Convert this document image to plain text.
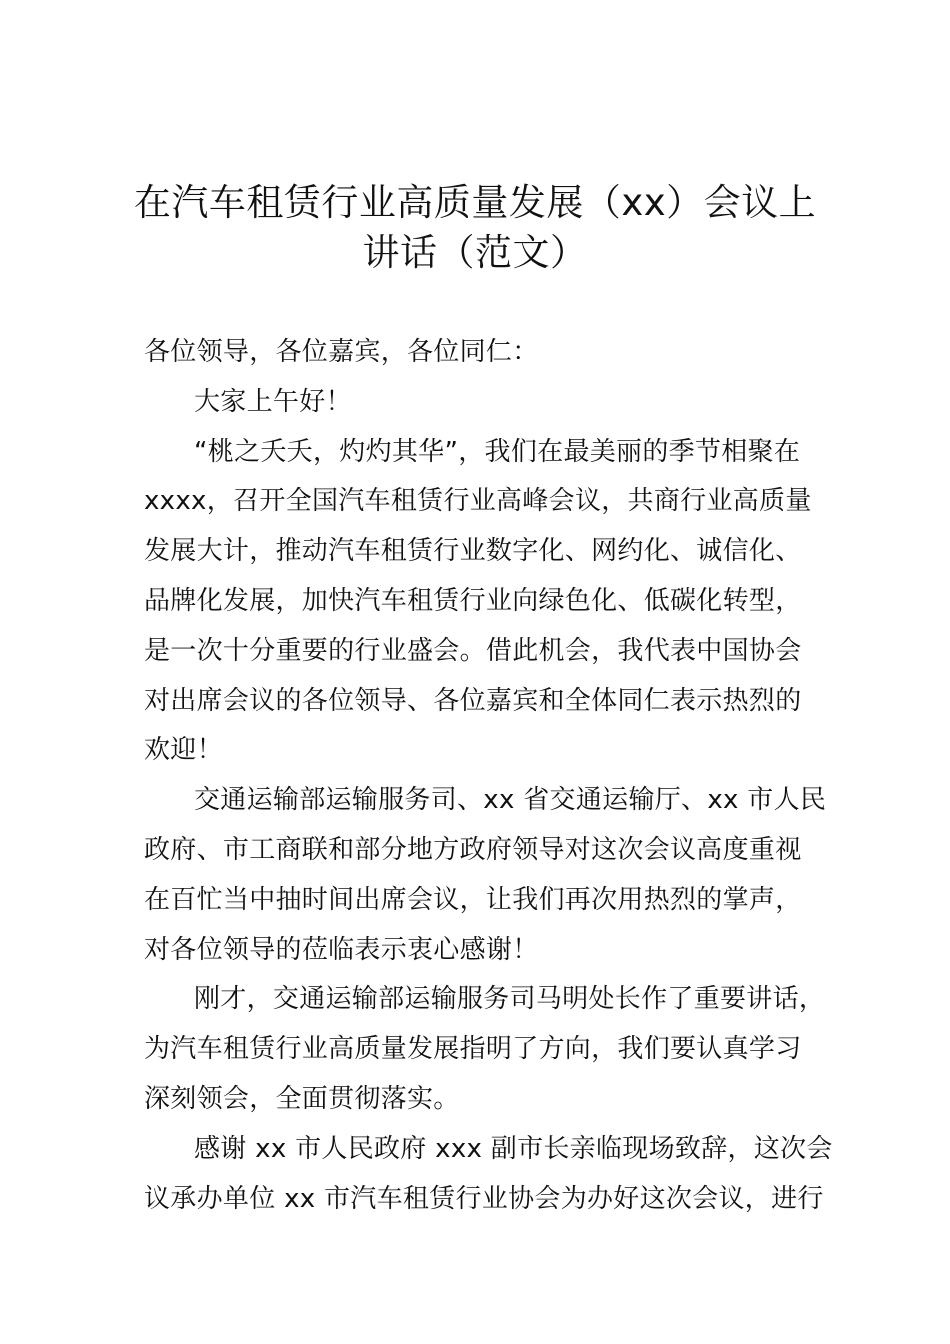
在汽车租赁行业高质量发展（xx）会议上
讲话（范文）
各位领导，各位嘉宾，各位同仁：
大家上午好！
“桃之夭夭，灼灼其华”，我们在最美丽的季节相聚在
xxxx，召开全国汽车租赁行业高峰会议，共商行业高质量
发展大计，推动汽车租赁行业数字化、网约化、诚信化、
品牌化发展，加快汽车租赁行业向绿色化、低碳化转型，
是一次十分重要的行业盛会。借此机会，我代表中国协会
对出席会议的各位领导、各位嘉宾和全体同仁表示热烈的
欢迎！
交通运输部运输服务司、xx 省交通运输厅、xx 市人民
政府、市工商联和部分地方政府领导对这次会议高度重视
在百忙当中抽时间出席会议，让我们再次用热烈的掌声，
对各位领导的莅临表示衷心感谢！
刚才，交通运输部运输服务司马明处长作了重要讲话，
为汽车租赁行业高质量发展指明了方向，我们要认真学习
深刻领会，全面贯彻落实。
感谢 xx 市人民政府 xxx 副市长亲临现场致辞，这次会
议承办单位 xx 市汽车租赁行业协会为办好这次会议，进行
